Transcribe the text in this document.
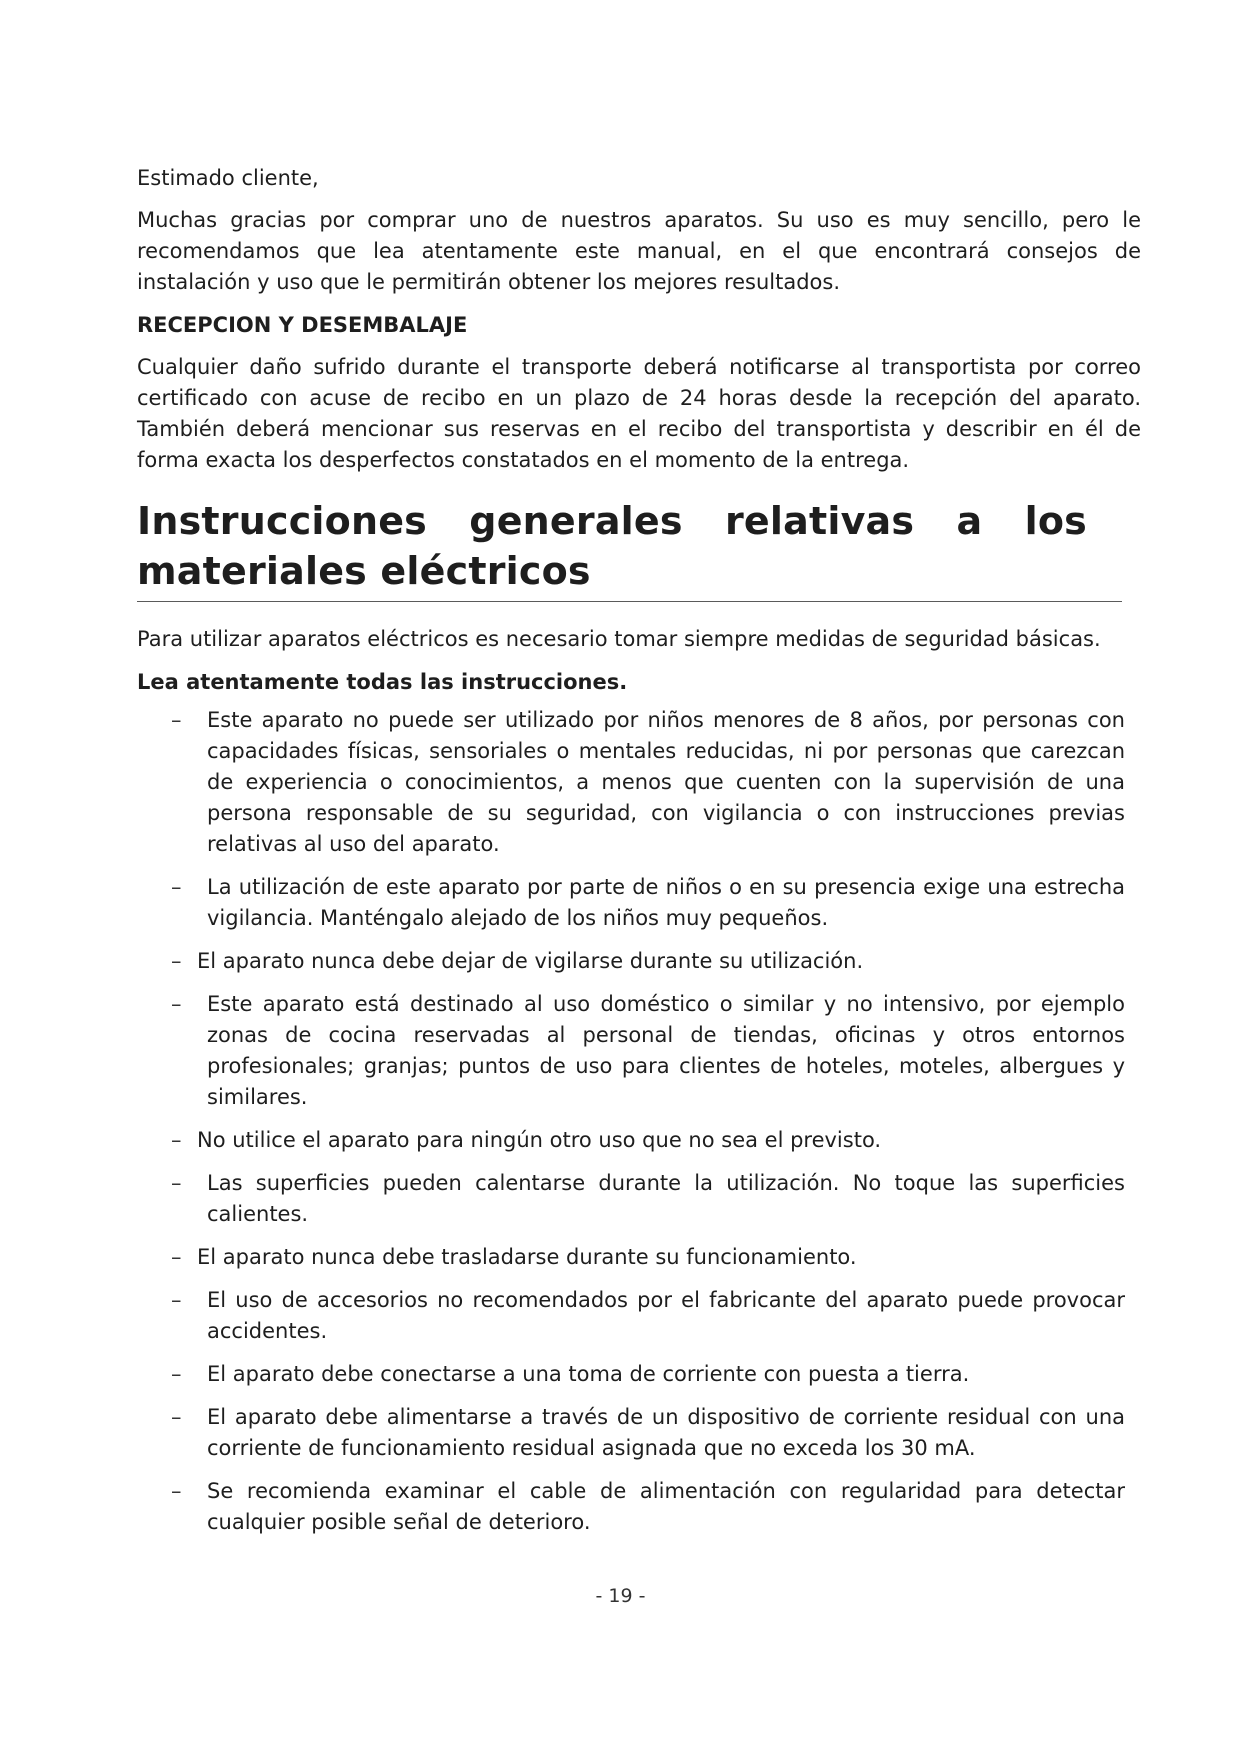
Estimado cliente,

Muchas gracias por comprar uno de nuestros aparatos. Su uso es muy sencillo, pero le recomendamos que lea atentamente este manual, en el que encontrará consejos de instalación y uso que le permitirán obtener los mejores resultados.

RECEPCION Y DESEMBALAJE

Cualquier daño sufrido durante el transporte deberá notificarse al transportista por correo certificado con acuse de recibo en un plazo de 24 horas desde la recepción del aparato. También deberá mencionar sus reservas en el recibo del transportista y describir en él de forma exacta los desperfectos constatados en el momento de la entrega.

Instrucciones generales relativas a los materiales eléctricos

Para utilizar aparatos eléctricos es necesario tomar siempre medidas de seguridad básicas.

Lea atentamente todas las instrucciones.

– Este aparato no puede ser utilizado por niños menores de 8 años, por personas con capacidades físicas, sensoriales o mentales reducidas, ni por personas que carezcan de experiencia o conocimientos, a menos que cuenten con la supervisión de una persona responsable de su seguridad, con vigilancia o con instrucciones previas relativas al uso del aparato.
– La utilización de este aparato por parte de niños o en su presencia exige una estrecha vigilancia. Manténgalo alejado de los niños muy pequeños.
– El aparato nunca debe dejar de vigilarse durante su utilización.
– Este aparato está destinado al uso doméstico o similar y no intensivo, por ejemplo zonas de cocina reservadas al personal de tiendas, oficinas y otros entornos profesionales; granjas; puntos de uso para clientes de hoteles, moteles, albergues y similares.
– No utilice el aparato para ningún otro uso que no sea el previsto.
– Las superficies pueden calentarse durante la utilización. No toque las superficies calientes.
– El aparato nunca debe trasladarse durante su funcionamiento.
– El uso de accesorios no recomendados por el fabricante del aparato puede provocar accidentes.
– El aparato debe conectarse a una toma de corriente con puesta a tierra.
– El aparato debe alimentarse a través de un dispositivo de corriente residual con una corriente de funcionamiento residual asignada que no exceda los 30 mA.
– Se recomienda examinar el cable de alimentación con regularidad para detectar cualquier posible señal de deterioro.
- 19 -
